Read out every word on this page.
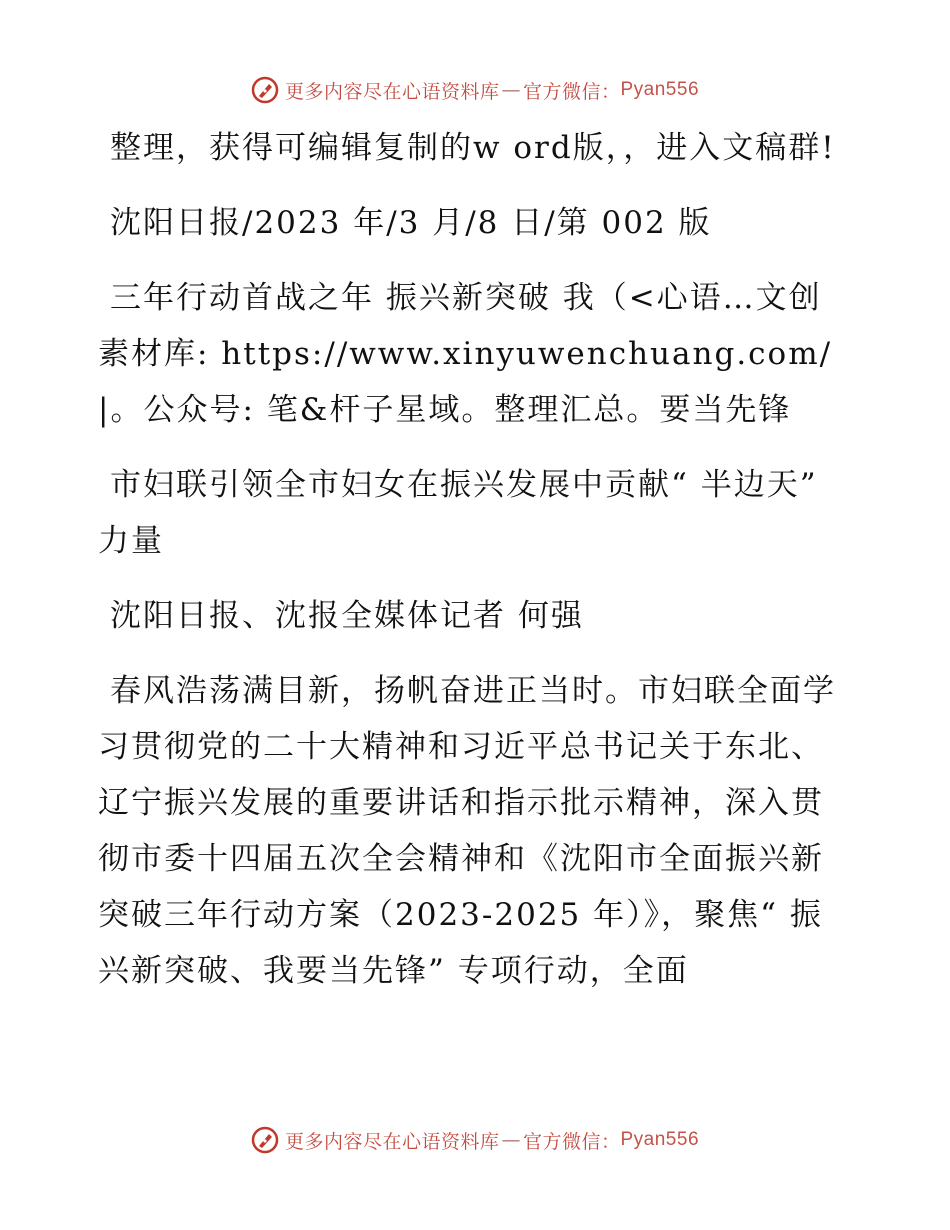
更多内容尽在心语资料库 — 官方微信： Pyan556

整理，获得可编辑复制的w ord版，，进入文稿群!

沈阳日报/2023 年/3 月/8 日/第 002 版

三年行动首战之年 振兴新突破 我（<心语…文创素材库: https://www.xinyuwenchuang.com/|。公众号: 笔&杆子星域。整理汇总。要当先锋

市妇联引领全市妇女在振兴发展中贡献“ 半边天” 力量

沈阳日报、沈报全媒体记者 何强

春风浩荡满目新，扬帆奋进正当时。市妇联全面学习贯彻党的二十大精神和习近平总书记关于东北、辽宁振兴发展的重要讲话和指示批示精神，深入贯彻市委十四届五次全会精神和《沈阳市全面振兴新突破三年行动方案（2023-2025 年）》，聚焦“ 振兴新突破、我要当先锋” 专项行动，全面

更多内容尽在心语资料库 — 官方微信： Pyan556
